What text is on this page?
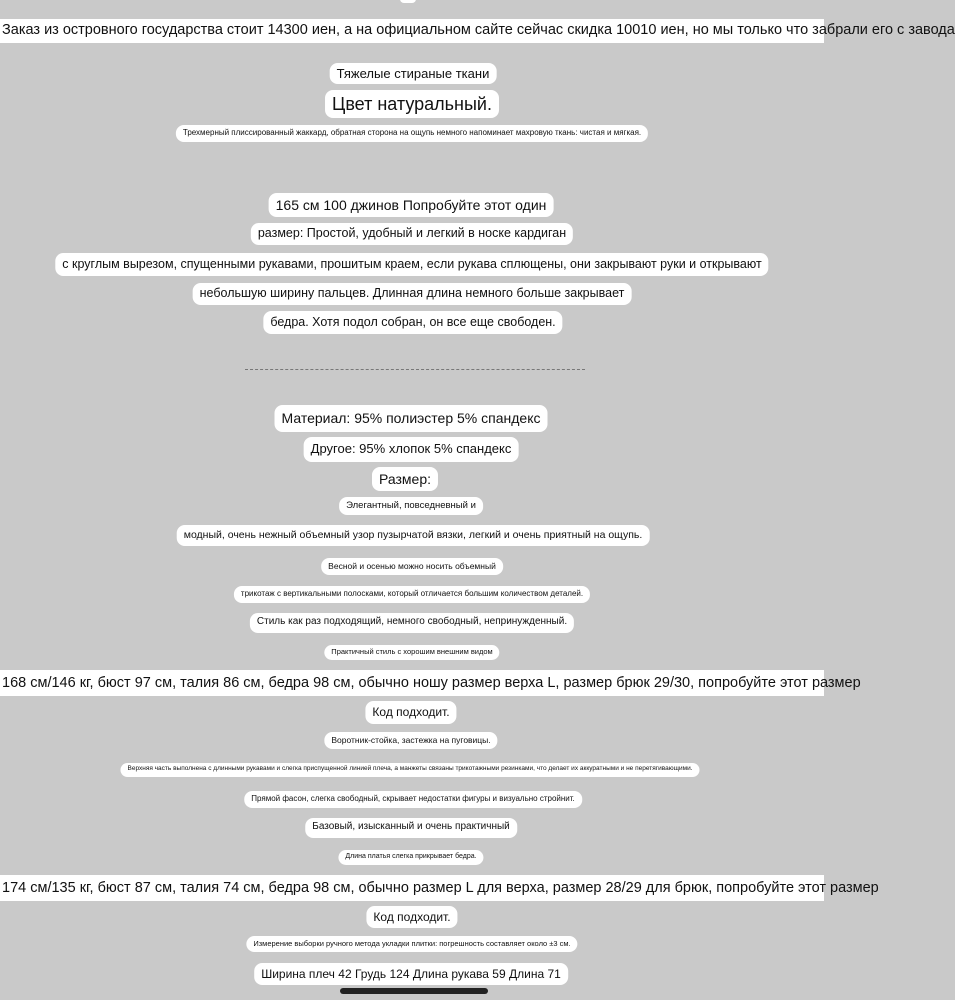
Заказ из островного государства стоит 14300 иен, а на официальном сайте сейчас скидка 10010 иен, но мы только что забрали его с завода
Тяжелые стираные ткани
Цвет натуральный.
Трехмерный плиссированный жаккард, обратная сторона на ощупь немного напоминает махровую ткань: чистая и мягкая.
165 см 100 джинов Попробуйте этот один
размер: Простой, удобный и легкий в носке кардиган
с круглым вырезом, спущенными рукавами, прошитым краем, если рукава сплющены, они закрывают руки и открывают
небольшую ширину пальцев. Длинная длина немного больше закрывает
бедра. Хотя подол собран, он все еще свободен.
Материал: 95% полиэстер 5% спандекс
Другое: 95% хлопок 5% спандекс
Размер:
Элегантный, повседневный и
модный, очень нежный объемный узор пузырчатой вязки, легкий и очень приятный на ощупь.
Весной и осенью можно носить объемный
трикотаж с вертикальными полосками, который отличается большим количеством деталей.
Стиль как раз подходящий, немного свободный, непринужденный.
Практичный стиль с хорошим внешним видом
168 см/146 кг, бюст 97 см, талия 86 см, бедра 98 см, обычно ношу размер верха L, размер брюк 29/30, попробуйте этот размер
Код подходит.
Воротник-стойка, застежка на пуговицы.
Верхняя часть выполнена с длинными рукавами и слегка приспущенной линией плеча, а манжеты связаны трикотажными резинками, что делает их аккуратными и не перетягивающими.
Прямой фасон, слегка свободный, скрывает недостатки фигуры и визуально стройнит.
Базовый, изысканный и очень практичный
Длина платья слегка прикрывает бедра.
174 см/135 кг, бюст 87 см, талия 74 см, бедра 98 см, обычно размер L для верха, размер 28/29 для брюк, попробуйте этот размер
Код подходит.
Измерение выборки ручного метода укладки плитки: погрешность составляет около ±3 см.
Ширина плеч 42 Грудь 124 Длина рукава 59 Длина 71
